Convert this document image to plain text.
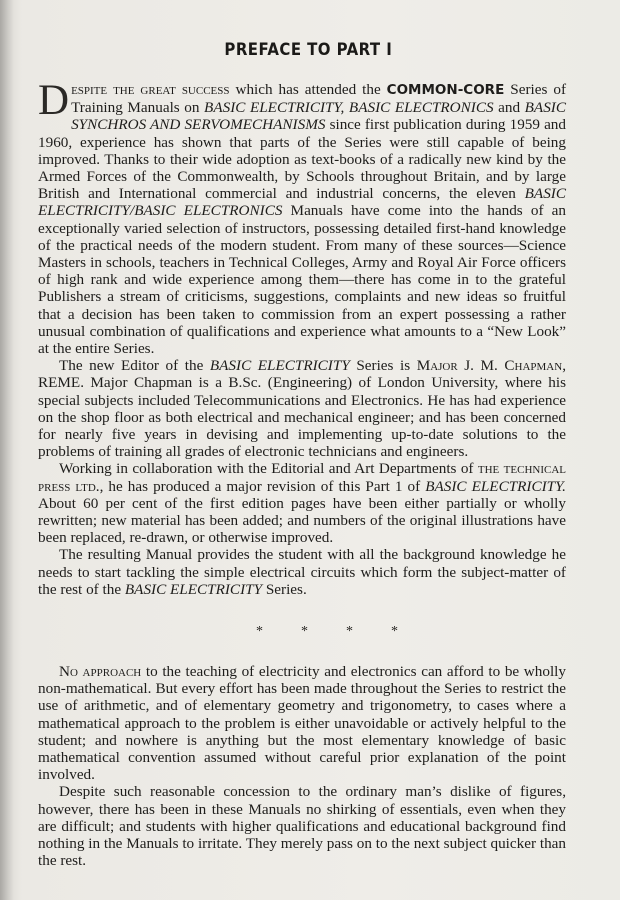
PREFACE TO PART I

Despite the great success which has attended the COMMON-CORE Series of Training Manuals on BASIC ELECTRICITY, BASIC ELECTRONICS and BASIC SYNCHROS AND SERVOMECHANISMS since first publication during 1959 and 1960, experience has shown that parts of the Series were still capable of being improved. Thanks to their wide adoption as text-books of a radically new kind by the Armed Forces of the Commonwealth, by Schools throughout Britain, and by large British and International commercial and industrial concerns, the eleven BASIC ELECTRICITY/BASIC ELECTRONICS Manuals have come into the hands of an exceptionally varied selection of instructors, possessing detailed first-hand knowledge of the practical needs of the modern student. From many of these sources—Science Masters in schools, teachers in Technical Colleges, Army and Royal Air Force officers of high rank and wide experience among them—there has come in to the grateful Publishers a stream of criticisms, suggestions, complaints and new ideas so fruitful that a decision has been taken to commission from an expert possessing a rather unusual combination of qualifications and experience what amounts to a “New Look” at the entire Series.

The new Editor of the BASIC ELECTRICITY Series is Major J. M. Chapman, REME. Major Chapman is a B.Sc. (Engineering) of London University, where his special subjects included Telecommunications and Electronics. He has had experience on the shop floor as both electrical and mechanical engineer; and has been concerned for nearly five years in devising and implementing up-to-date solutions to the problems of training all grades of electronic technicians and engineers.

Working in collaboration with the Editorial and Art Departments of the technical press ltd., he has produced a major revision of this Part 1 of BASIC ELECTRICITY. About 60 per cent of the first edition pages have been either partially or wholly rewritten; new material has been added; and numbers of the original illustrations have been replaced, re-drawn, or otherwise improved.

The resulting Manual provides the student with all the background knowledge he needs to start tackling the simple electrical circuits which form the subject-matter of the rest of the BASIC ELECTRICITY Series.

*	*	*	*

No approach to the teaching of electricity and electronics can afford to be wholly non-mathematical. But every effort has been made throughout the Series to restrict the use of arithmetic, and of elementary geometry and trigonometry, to cases where a mathematical approach to the problem is either unavoidable or actively helpful to the student; and nowhere is anything but the most elementary knowledge of basic mathematical convention assumed without careful prior explanation of the point involved.

Despite such reasonable concession to the ordinary man’s dislike of figures, however, there has been in these Manuals no shirking of essentials, even when they are difficult; and students with higher qualifications and educational background find nothing in the Manuals to irritate. They merely pass on to the next subject quicker than the rest.
